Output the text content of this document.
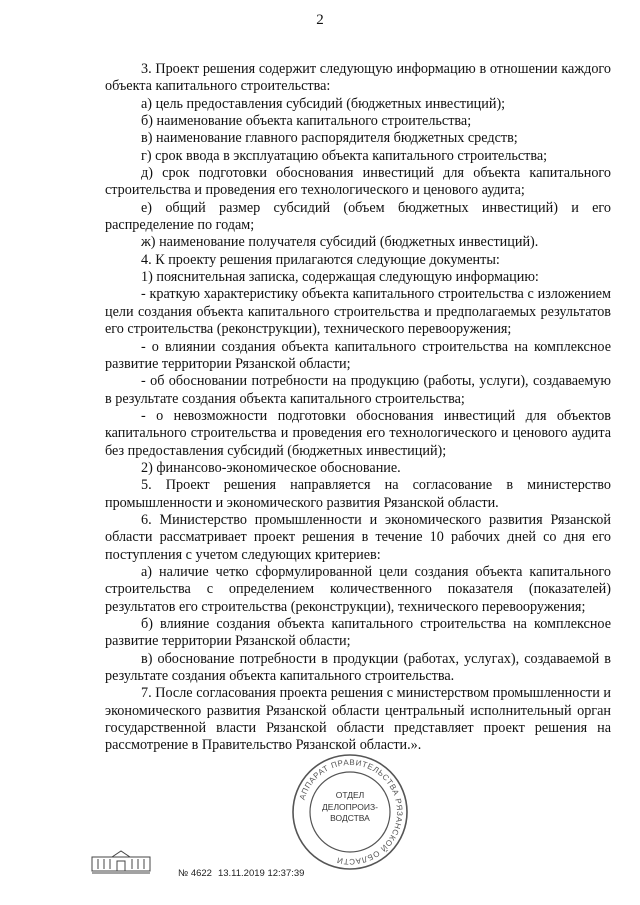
2

3. Проект решения содержит следующую информацию в отношении каждого объекта капитального строительства:

а) цель предоставления субсидий (бюджетных инвестиций);

б) наименование объекта капитального строительства;

в) наименование главного распорядителя бюджетных средств;

г) срок ввода в эксплуатацию объекта капитального строительства;

д) срок подготовки обоснования инвестиций для объекта капитального строительства и проведения его технологического и ценового аудита;

е) общий размер субсидий (объем бюджетных инвестиций) и его распределение по годам;

ж) наименование получателя субсидий (бюджетных инвестиций).

4. К проекту решения прилагаются следующие документы:

1) пояснительная записка, содержащая следующую информацию:

- краткую характеристику объекта капитального строительства с изложением цели создания объекта капитального строительства и предполагаемых результатов его строительства (реконструкции), технического перевооружения;

- о влиянии создания объекта капитального строительства на комплексное развитие территории Рязанской области;

- об обосновании потребности на продукцию (работы, услуги), создаваемую в результате создания объекта капитального строительства;

- о невозможности подготовки обоснования инвестиций для объектов капитального строительства и проведения его технологического и ценового аудита без предоставления субсидий (бюджетных инвестиций);

2) финансово-экономическое обоснование.

5. Проект решения направляется на согласование в министерство промышленности и экономического развития Рязанской области.

6. Министерство промышленности и экономического развития Рязанской области рассматривает проект решения в течение 10 рабочих дней со дня его поступления с учетом следующих критериев:

а) наличие четко сформулированной цели создания объекта капитального строительства с определением количественного показателя (показателей) результатов его строительства (реконструкции), технического перевооружения;

б) влияние создания объекта капитального строительства на комплексное развитие территории Рязанской области;

в) обоснование потребности в продукции (работах, услугах), создаваемой в результате создания объекта капитального строительства.

7. После согласования проекта решения с министерством промышленности и экономического развития Рязанской области центральный исполнительный орган государственной власти Рязанской области представляет проект решения на рассмотрение в Правительство Рязанской области.».

АППАРАТ ПРАВИТЕЛЬСТВА РЯЗАНСКОЙ ОБЛАСТИ
ОТДЕЛ
ДЕЛОПРОИЗ-
ВОДСТВА
№ 4622 13.11.2019 12:37:39
